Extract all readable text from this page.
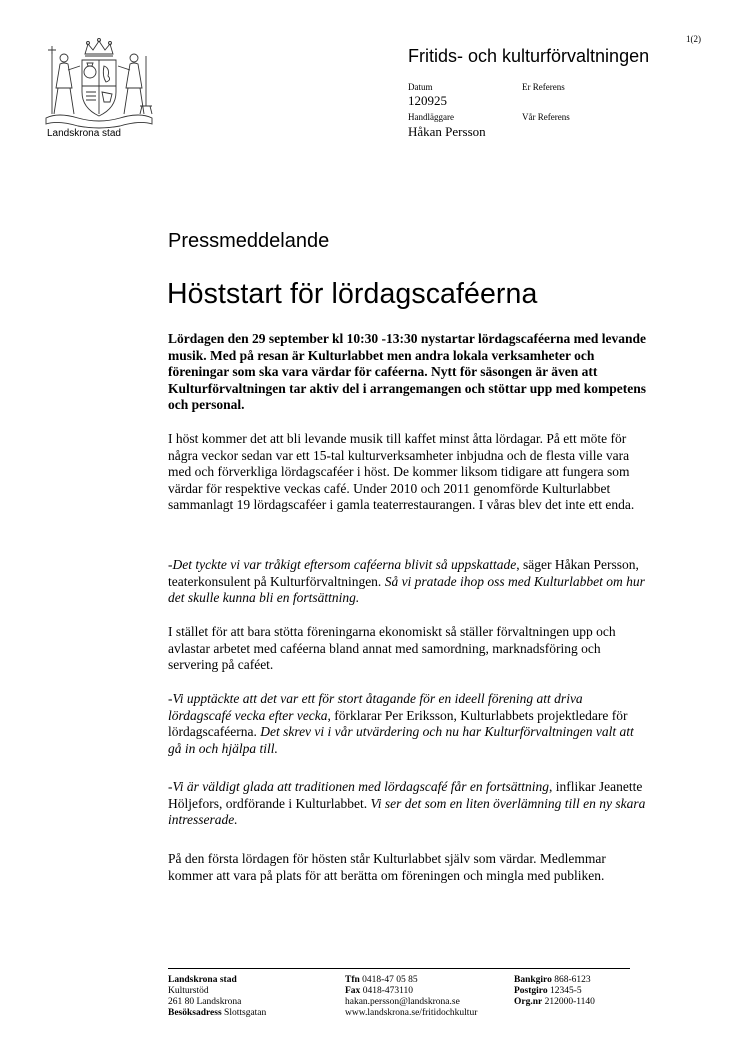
1(2)
Landskrona stad
Fritids- och kulturförvaltningen
Datum	Er Referens
120925
Handläggare	Vår Referens
Håkan Persson
Pressmeddelande
Höststart för lördagscaféerna

Lördagen den 29 september kl 10:30 -13:30 nystartar lördagscaféerna med levande musik. Med på resan är Kulturlabbet men andra lokala verksamheter och föreningar som ska vara värdar för caféerna. Nytt för säsongen är även att Kulturförvaltningen tar aktiv del i arrangemangen och stöttar upp med kompetens och personal.

I höst kommer det att bli levande musik till kaffet minst åtta lördagar. På ett möte för några veckor sedan var ett 15-tal kulturverksamheter inbjudna och de flesta ville vara med och förverkliga lördagscaféer i höst. De kommer liksom tidigare att fungera som värdar för respektive veckas café. Under 2010 och 2011 genomförde Kulturlabbet sammanlagt 19 lördagscaféer i gamla teaterrestaurangen. I våras blev det inte ett enda.

-Det tyckte vi var tråkigt eftersom caféerna blivit så uppskattade, säger Håkan Persson, teaterkonsulent på Kulturförvaltningen. Så vi pratade ihop oss med Kulturlabbet om hur det skulle kunna bli en fortsättning.

I stället för att bara stötta föreningarna ekonomiskt så ställer förvaltningen upp och avlastar arbetet med caféerna bland annat med samordning, marknadsföring och servering på caféet.

-Vi upptäckte att det var ett för stort åtagande för en ideell förening att driva lördagscafé vecka efter vecka, förklarar Per Eriksson, Kulturlabbets projektledare för lördagscaféerna. Det skrev vi i vår utvärdering och nu har Kulturförvaltningen valt att gå in och hjälpa till.

-Vi är väldigt glada att traditionen med lördagscafé får en fortsättning, inflikar Jeanette Höljefors, ordförande i Kulturlabbet. Vi ser det som en liten överlämning till en ny skara intresserade.

På den första lördagen för hösten står Kulturlabbet själv som värdar. Medlemmar kommer att vara på plats för att berätta om föreningen och mingla med publiken.

Landskrona stad
Kulturstöd
261 80 Landskrona
Besöksadress Slottsgatan
Tfn 0418-47 05 85
Fax 0418-473110
hakan.persson@landskrona.se
www.landskrona.se/fritidochkultur
Bankgiro 868-6123
Postgiro 12345-5
Org.nr 212000-1140
